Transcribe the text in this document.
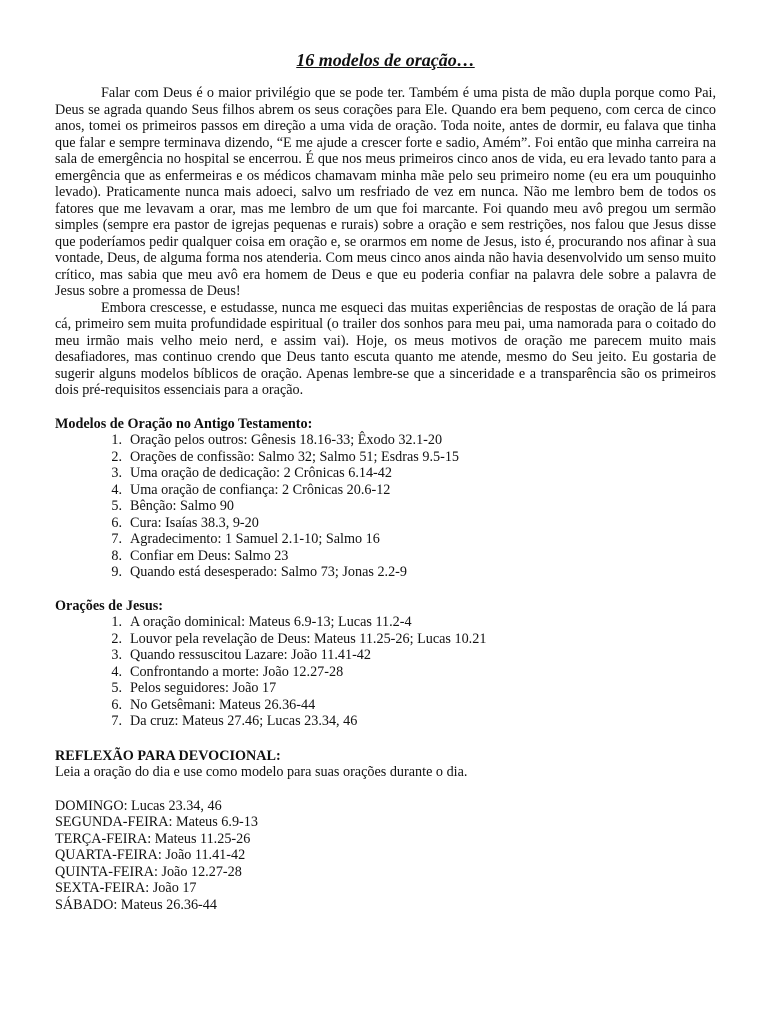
16 modelos de oração…

Falar com Deus é o maior privilégio que se pode ter. Também é uma pista de mão dupla porque como Pai, Deus se agrada quando Seus filhos abrem os seus corações para Ele. Quando era bem pequeno, com cerca de cinco anos, tomei os primeiros passos em direção a uma vida de oração. Toda noite, antes de dormir, eu falava que tinha que falar e sempre terminava dizendo, “E me ajude a crescer forte e sadio, Amém”. Foi então que minha carreira na sala de emergência no hospital se encerrou. É que nos meus primeiros cinco anos de vida, eu era levado tanto para a emergência que as enfermeiras e os médicos chamavam minha mãe pelo seu primeiro nome (eu era um pouquinho levado). Praticamente nunca mais adoeci, salvo um resfriado de vez em nunca. Não me lembro bem de todos os fatores que me levavam a orar, mas me lembro de um que foi marcante. Foi quando meu avô pregou um sermão simples (sempre era pastor de igrejas pequenas e rurais) sobre a oração e sem restrições, nos falou que Jesus disse que poderíamos pedir qualquer coisa em oração e, se orarmos em nome de Jesus, isto é, procurando nos afinar à sua vontade, Deus, de alguma forma nos atenderia. Com meus cinco anos ainda não havia desenvolvido um senso muito crítico, mas sabia que meu avô era homem de Deus e que eu poderia confiar na palavra dele sobre a palavra de Jesus sobre a promessa de Deus!

Embora crescesse, e estudasse, nunca me esqueci das muitas experiências de respostas de oração de lá para cá, primeiro sem muita profundidade espiritual (o trailer dos sonhos para meu pai, uma namorada para o coitado do meu irmão mais velho meio nerd, e assim vai). Hoje, os meus motivos de oração me parecem muito mais desafiadores, mas continuo crendo que Deus tanto escuta quanto me atende, mesmo do Seu jeito. Eu gostaria de sugerir alguns modelos bíblicos de oração. Apenas lembre-se que a sinceridade e a transparência são os primeiros dois pré-requisitos essenciais para a oração.

Modelos de Oração no Antigo Testamento:
1. Oração pelos outros: Gênesis 18.16-33; Êxodo 32.1-20
2. Orações de confissão: Salmo 32; Salmo 51; Esdras 9.5-15
3. Uma oração de dedicação: 2 Crônicas 6.14-42
4. Uma oração de confiança: 2 Crônicas 20.6-12
5. Bênção: Salmo 90
6. Cura: Isaías 38.3, 9-20
7. Agradecimento: 1 Samuel 2.1-10; Salmo 16
8. Confiar em Deus: Salmo 23
9. Quando está desesperado: Salmo 73; Jonas 2.2-9
Orações de Jesus:
1. A oração dominical: Mateus 6.9-13; Lucas 11.2-4
2. Louvor pela revelação de Deus: Mateus 11.25-26; Lucas 10.21
3. Quando ressuscitou Lazare: João 11.41-42
4. Confrontando a morte: João 12.27-28
5. Pelos seguidores: João 17
6. No Getsêmani: Mateus 26.36-44
7. Da cruz: Mateus 27.46; Lucas 23.34, 46
REFLEXÃO PARA DEVOCIONAL:

Leia a oração do dia e use como modelo para suas orações durante o dia.

DOMINGO: Lucas 23.34, 46
SEGUNDA-FEIRA: Mateus 6.9-13
TERÇA-FEIRA: Mateus 11.25-26
QUARTA-FEIRA: João 11.41-42
QUINTA-FEIRA: João 12.27-28
SEXTA-FEIRA: João 17
SÁBADO: Mateus 26.36-44
